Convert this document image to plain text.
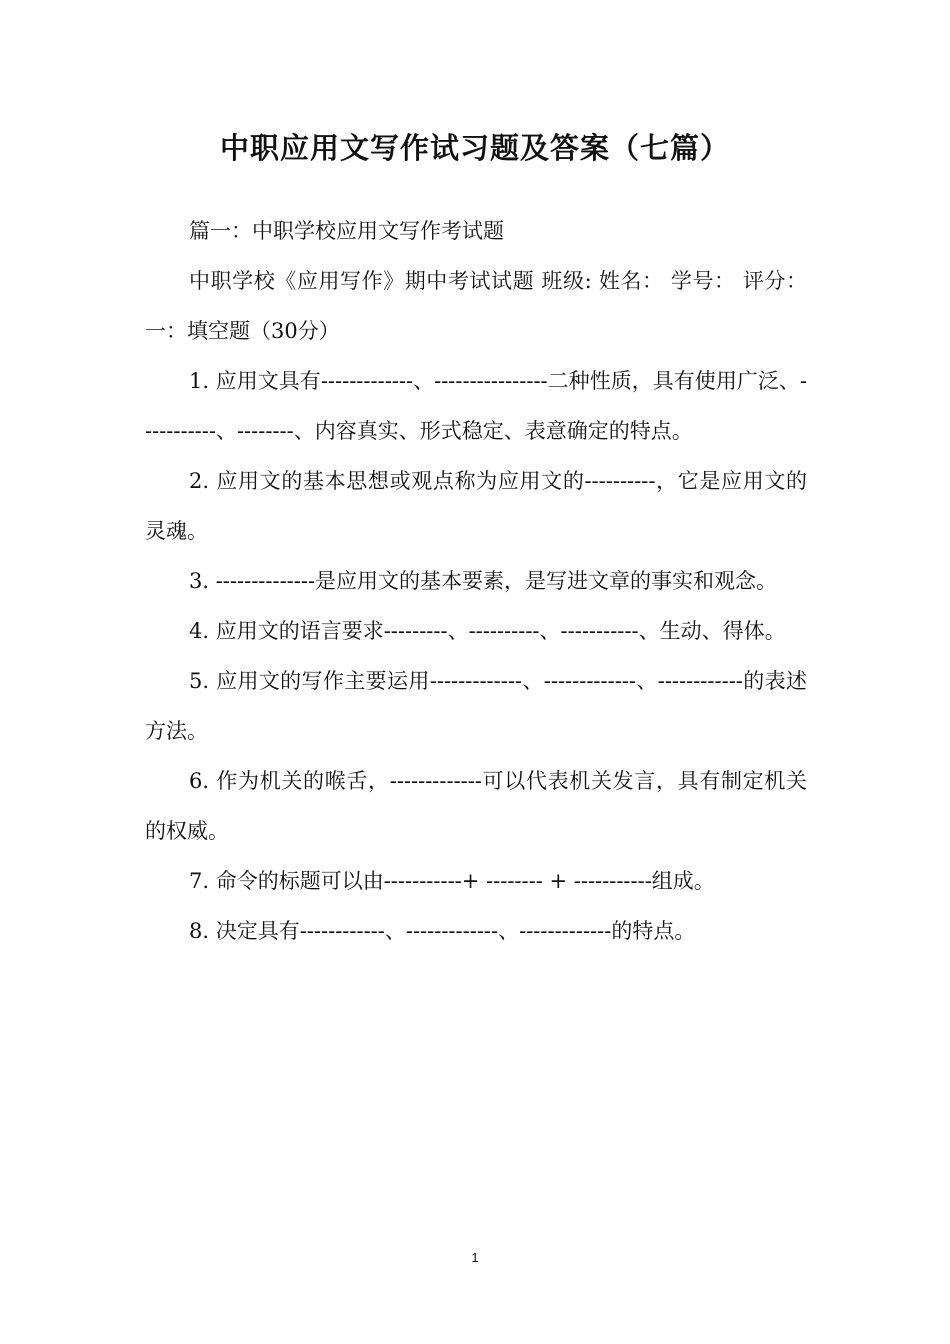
中职应用文写作试习题及答案（七篇）

篇一：中职学校应用文写作考试题

中职学校《应用写作》期中考试试题 班级: 姓名： 学号： 评分： 一：填空题（30分）

1. 应用文具有-------------、----------------二种性质，具有使用广泛、-----------、--------、内容真实、形式稳定、表意确定的特点。

2. 应用文的基本思想或观点称为应用文的----------，它是应用文的灵魂。

3. --------------是应用文的基本要素，是写进文章的事实和观念。

4. 应用文的语言要求---------、----------、-----------、生动、得体。

5. 应用文的写作主要运用-------------、-------------、------------的表述方法。

6. 作为机关的喉舌，-------------可以代表机关发言，具有制定机关的权威。

7. 命令的标题可以由-----------+ -------- + -----------组成。

8. 决定具有------------、-------------、-------------的特点。

1
